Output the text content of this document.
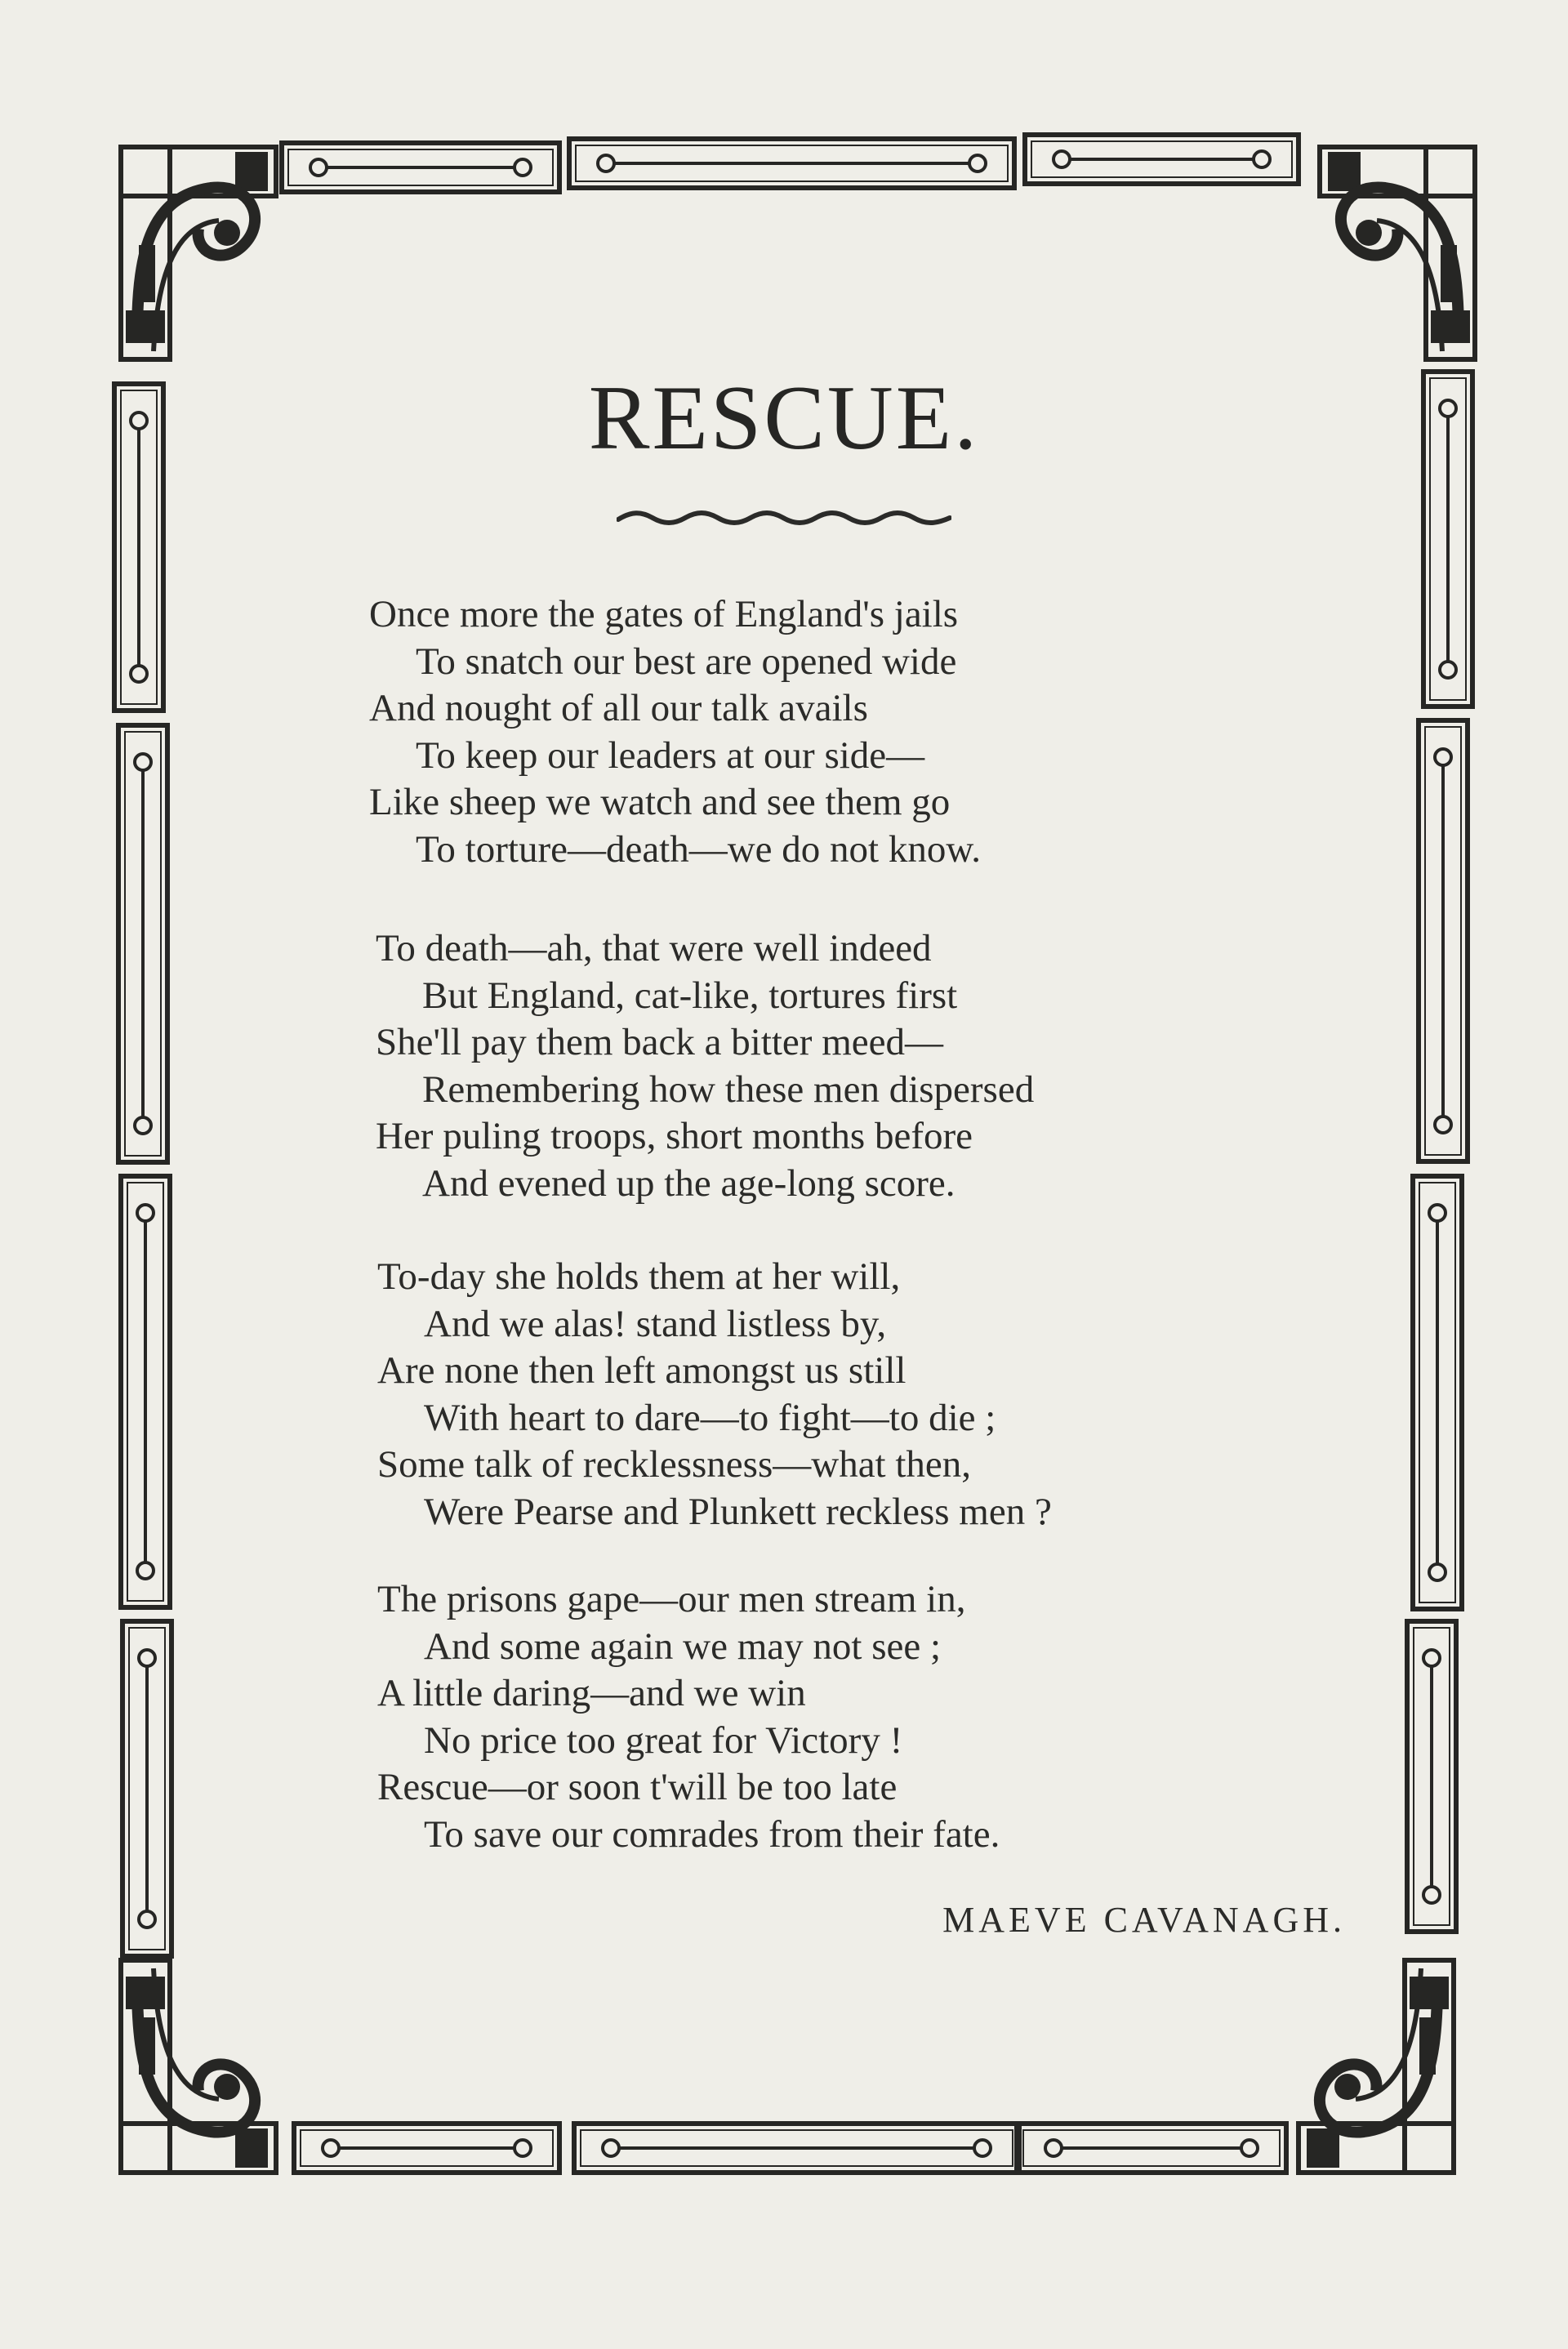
RESCUE.
Once more the gates of England's jails
To snatch our best are opened wide
And nought of all our talk avails
To keep our leaders at our side—
Like sheep we watch and see them go
To torture—death—we do not know.
To death—ah, that were well indeed
But England, cat-like, tortures first
She'll pay them back a bitter meed—
Remembering how these men dispersed
Her puling troops, short months before
And evened up the age-long score.
To-day she holds them at her will,
And we alas! stand listless by,
Are none then left amongst us still
With heart to dare—to fight—to die ;
Some talk of recklessness—what then,
Were Pearse and Plunkett reckless men ?
The prisons gape—our men stream in,
And some again we may not see ;
A little daring—and we win
No price too great for Victory !
Rescue—or soon t'will be too late
To save our comrades from their fate.
MAEVE CAVANAGH.
